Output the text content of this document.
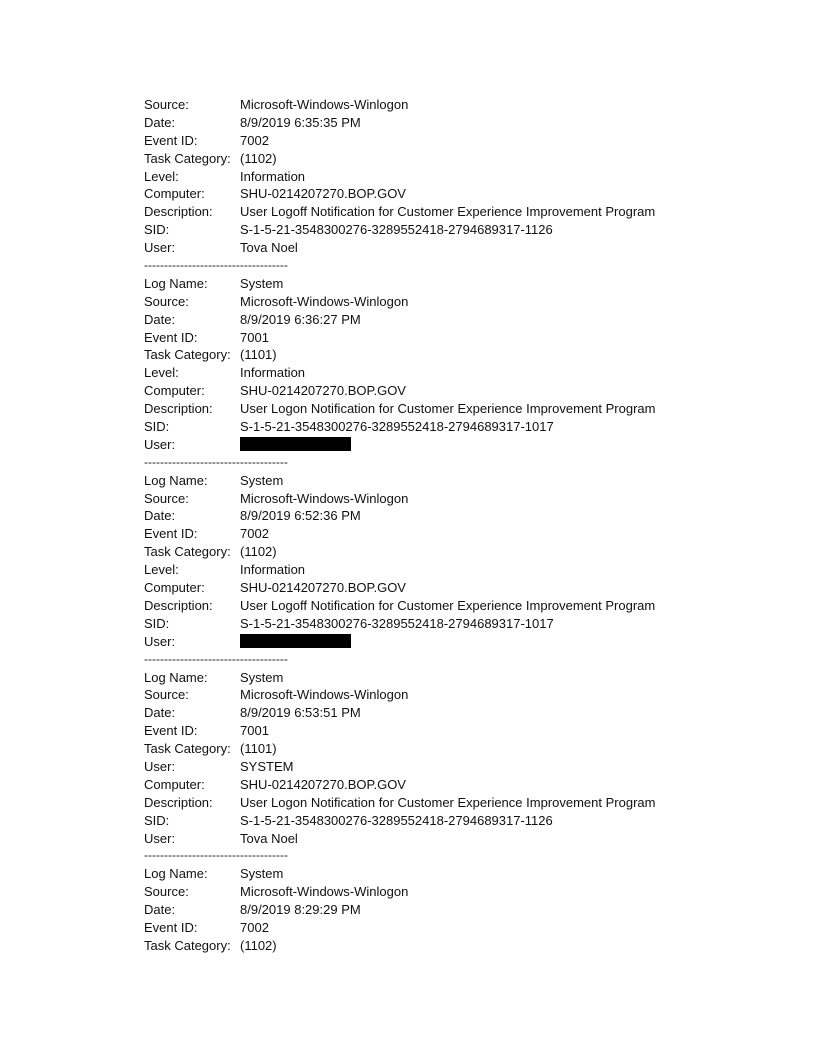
Source:	Microsoft-Windows-Winlogon
Date:	8/9/2019 6:35:35 PM
Event ID:	7002
Task Category: (1102)
Level:	Information
Computer:	SHU-0214207270.BOP.GOV
Description:	User Logoff Notification for Customer Experience Improvement Program
SID:	S-1-5-21-3548300276-3289552418-2794689317-1126
User:	Tova Noel
------------------------------------
Log Name:	System
Source:	Microsoft-Windows-Winlogon
Date:	8/9/2019 6:36:27 PM
Event ID:	7001
Task Category: (1101)
Level:	Information
Computer:	SHU-0214207270.BOP.GOV
Description:	User Logon Notification for Customer Experience Improvement Program
SID:	S-1-5-21-3548300276-3289552418-2794689317-1017
User:
------------------------------------
Log Name:	System
Source:	Microsoft-Windows-Winlogon
Date:	8/9/2019 6:52:36 PM
Event ID:	7002
Task Category: (1102)
Level:	Information
Computer:	SHU-0214207270.BOP.GOV
Description:	User Logoff Notification for Customer Experience Improvement Program
SID:	S-1-5-21-3548300276-3289552418-2794689317-1017
User:
------------------------------------
Log Name:	System
Source:	Microsoft-Windows-Winlogon
Date:	8/9/2019 6:53:51 PM
Event ID:	7001
Task Category: (1101)
User:	SYSTEM
Computer:	SHU-0214207270.BOP.GOV
Description:	User Logon Notification for Customer Experience Improvement Program
SID:	S-1-5-21-3548300276-3289552418-2794689317-1126
User:	Tova Noel
------------------------------------
Log Name:	System
Source:	Microsoft-Windows-Winlogon
Date:	8/9/2019 8:29:29 PM
Event ID:	7002
Task Category: (1102)
